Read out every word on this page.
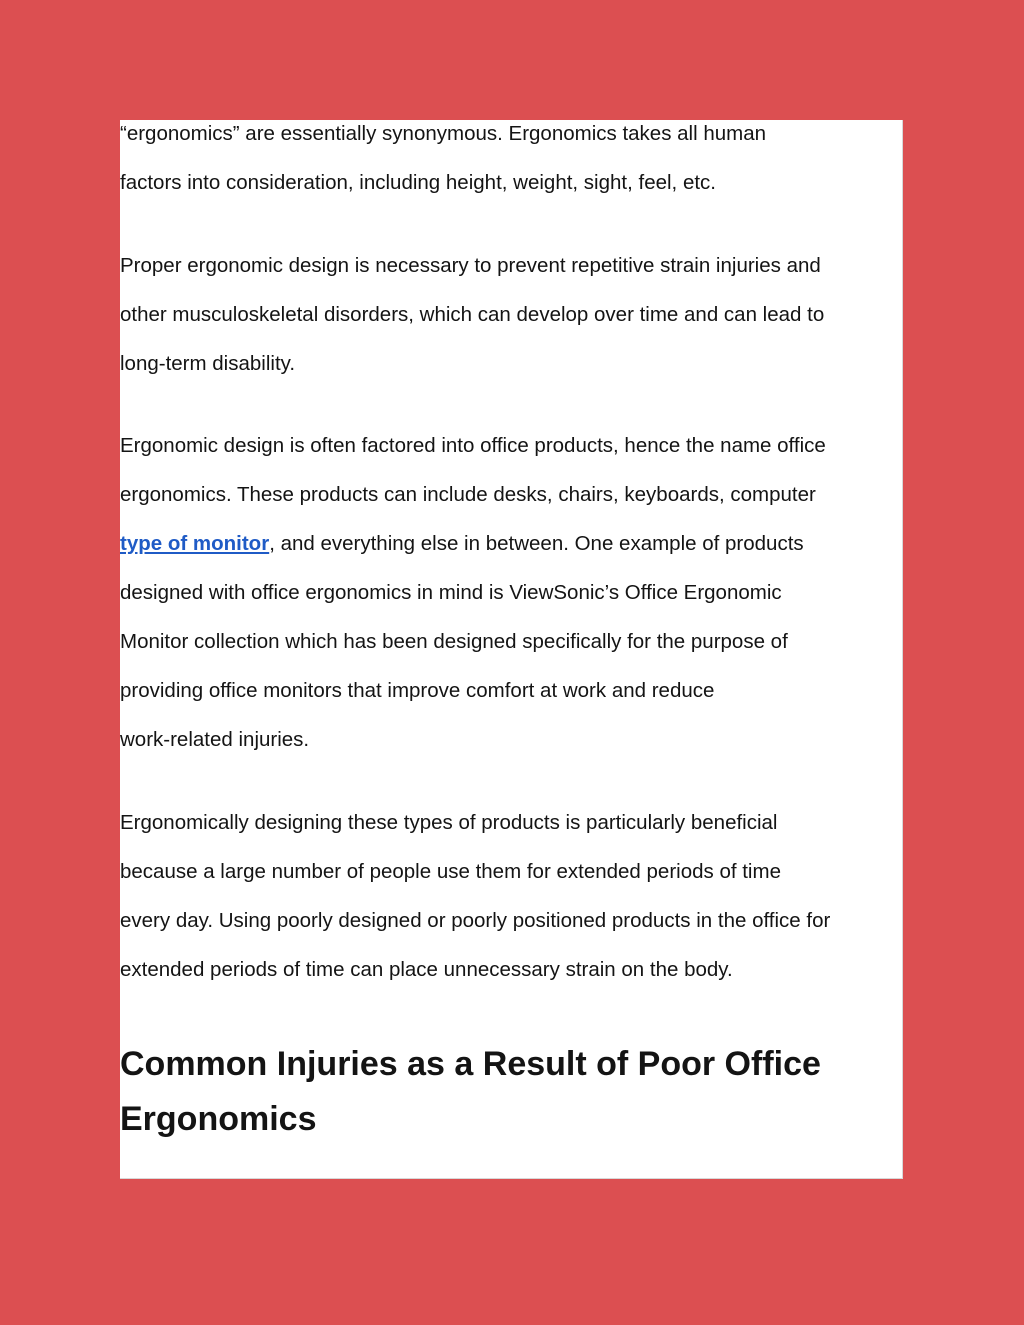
“ergonomics” are essentially synonymous. Ergonomics takes all human
factors into consideration, including height, weight, sight, feel, etc.
Proper ergonomic design is necessary to prevent repetitive strain injuries and
other musculoskeletal disorders, which can develop over time and can lead to
long-term disability.
Ergonomic design is often factored into office products, hence the name office
ergonomics. These products can include desks, chairs, keyboards, computer
type of monitor, and everything else in between. One example of products
designed with office ergonomics in mind is ViewSonic’s Office Ergonomic
Monitor collection which has been designed specifically for the purpose of
providing office monitors that improve comfort at work and reduce
work-related injuries.
Ergonomically designing these types of products is particularly beneficial
because a large number of people use them for extended periods of time
every day. Using poorly designed or poorly positioned products in the office for
extended periods of time can place unnecessary strain on the body.
Common Injuries as a Result of Poor Office
Ergonomics
